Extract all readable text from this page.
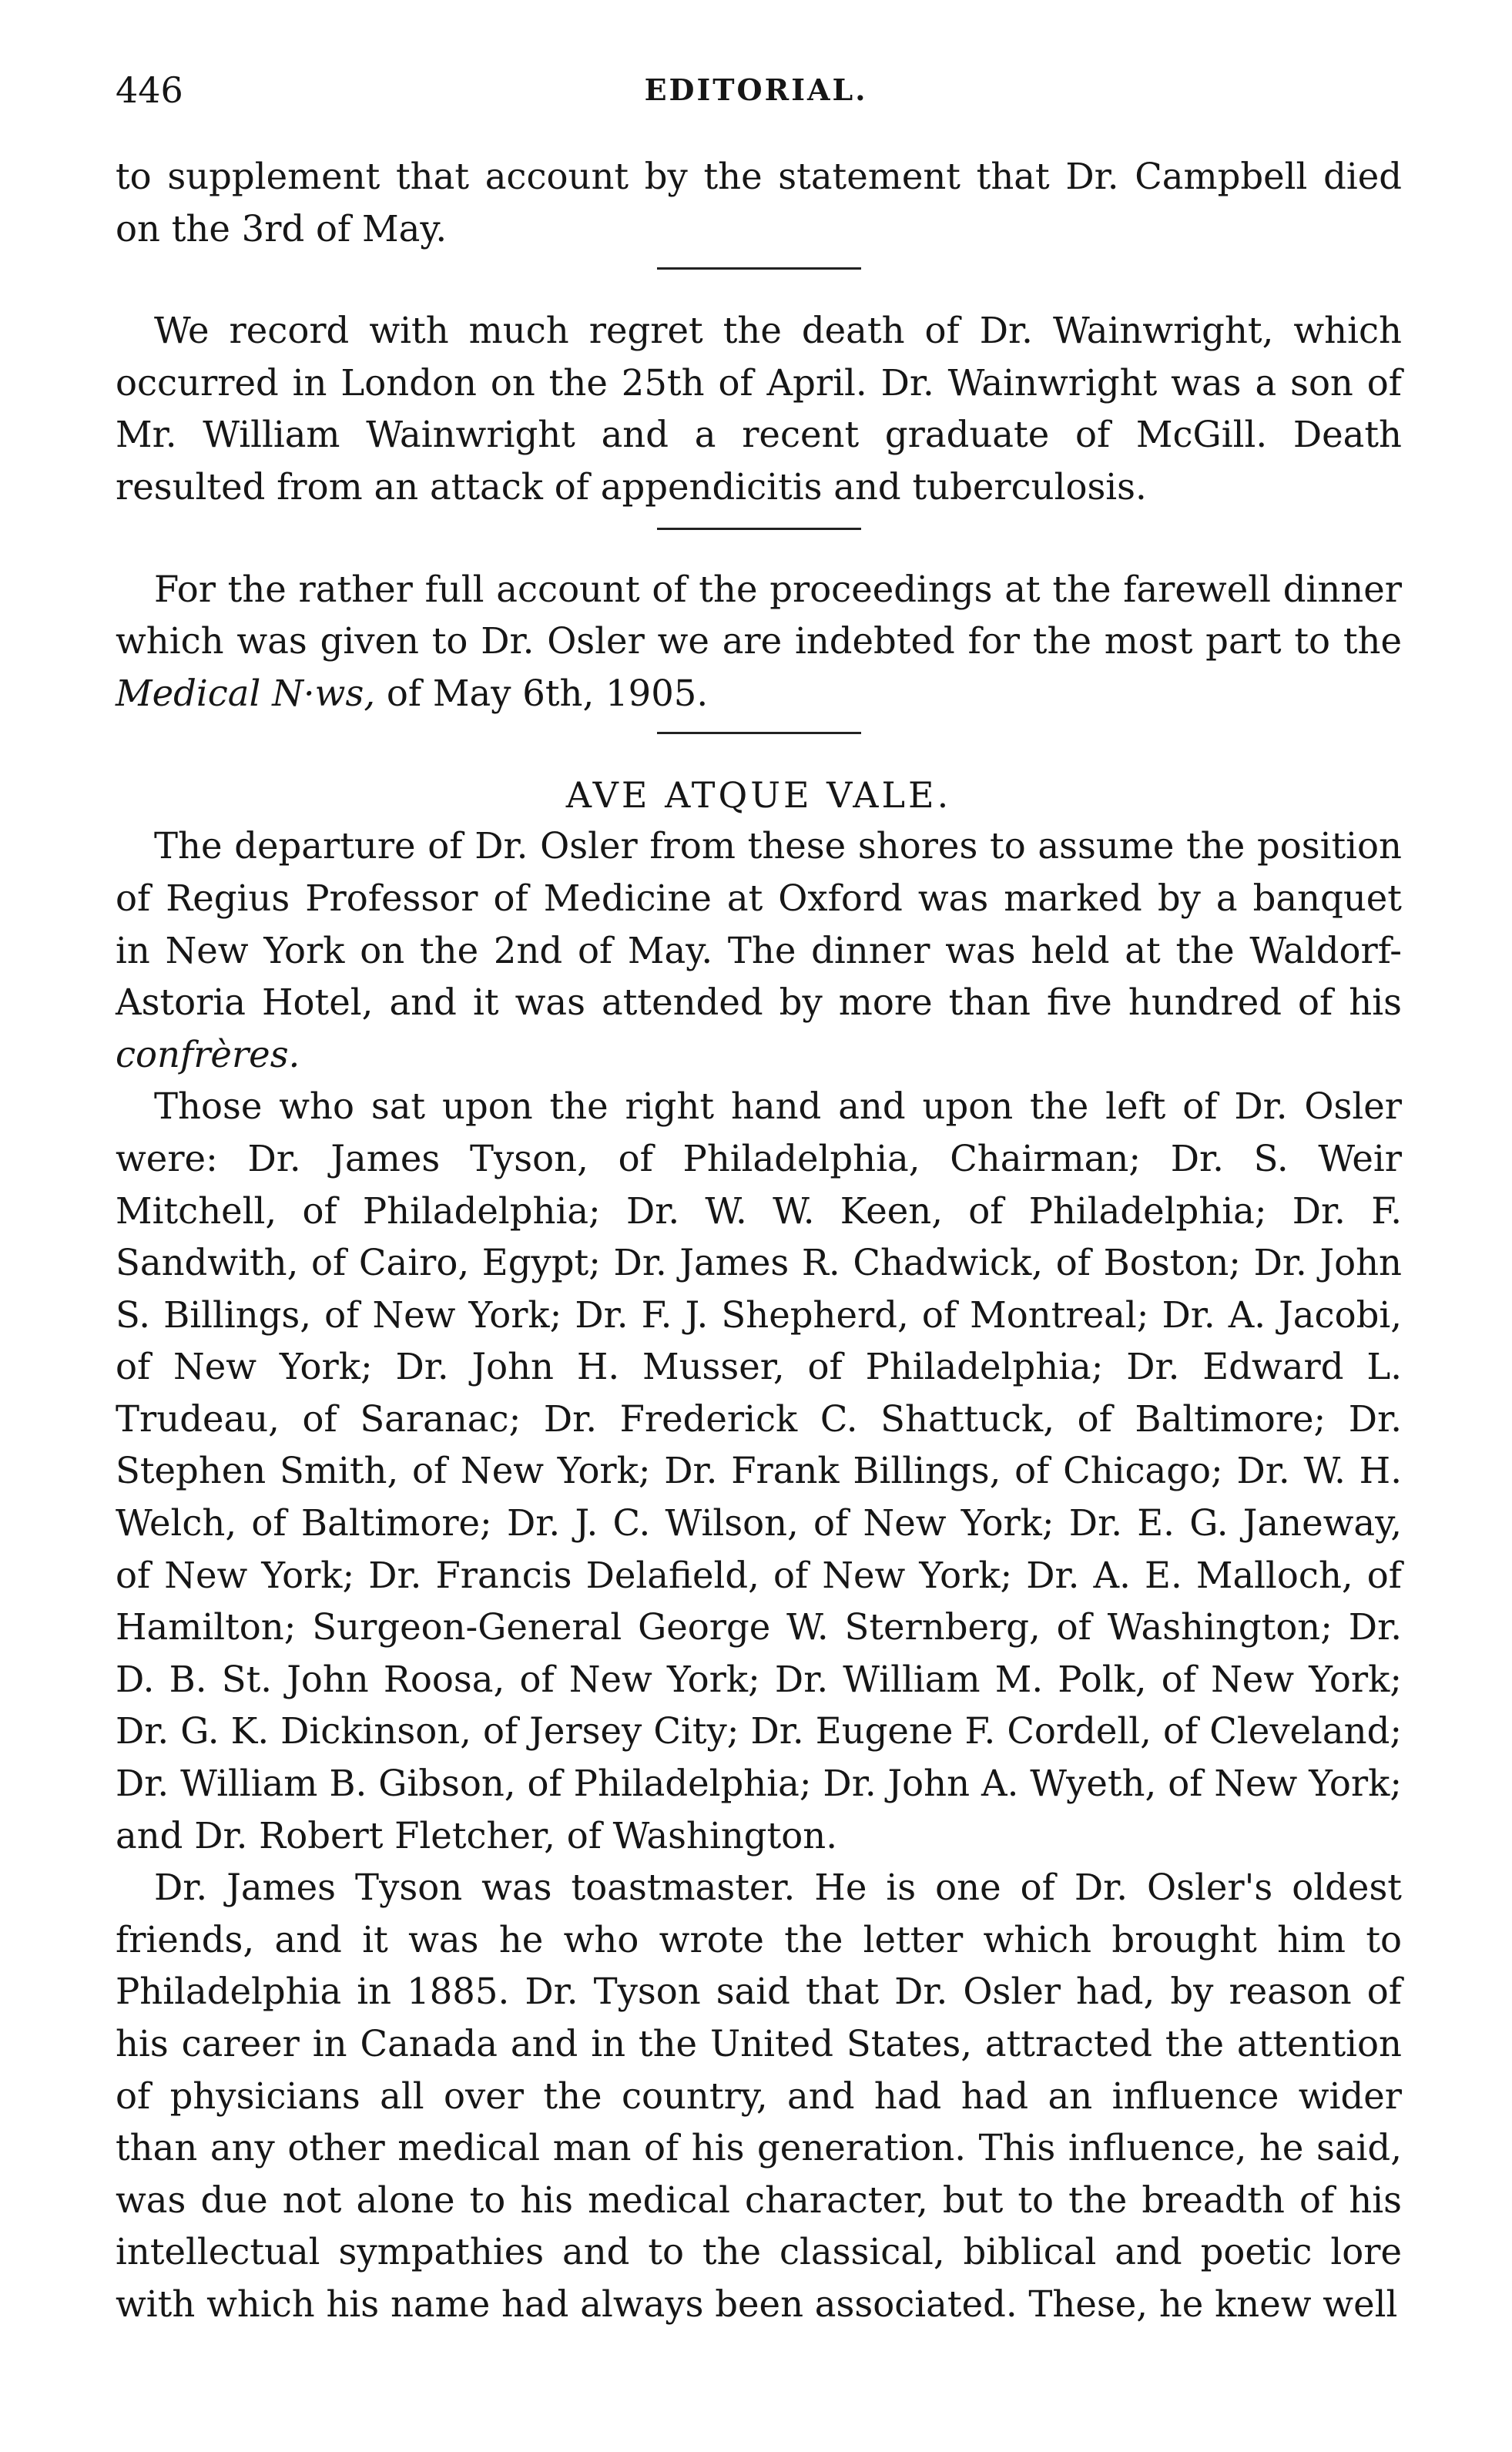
446	EDITORIAL.

to supplement that account by the statement that Dr. Campbell died on the 3rd of May.

We record with much regret the death of Dr. Wainwright, which occurred in London on the 25th of April. Dr. Wainwright was a son of Mr. William Wainwright and a recent graduate of McGill. Death resulted from an attack of appendicitis and tuberculosis.

For the rather full account of the proceedings at the farewell dinner which was given to Dr. Osler we are indebted for the most part to the Medical N·ws, of May 6th, 1905.

AVE ATQUE VALE.

The departure of Dr. Osler from these shores to assume the position of Regius Professor of Medicine at Oxford was marked by a banquet in New York on the 2nd of May. The dinner was held at the Waldorf-Astoria Hotel, and it was attended by more than five hundred of his confrères.

Those who sat upon the right hand and upon the left of Dr. Osler were: Dr. James Tyson, of Philadelphia, Chairman; Dr. S. Weir Mitchell, of Philadelphia; Dr. W. W. Keen, of Philadelphia; Dr. F. Sandwith, of Cairo, Egypt; Dr. James R. Chadwick, of Boston; Dr. John S. Billings, of New York; Dr. F. J. Shepherd, of Montreal; Dr. A. Jacobi, of New York; Dr. John H. Musser, of Philadelphia; Dr. Edward L. Trudeau, of Saranac; Dr. Frederick C. Shattuck, of Baltimore; Dr. Stephen Smith, of New York; Dr. Frank Billings, of Chicago; Dr. W. H. Welch, of Baltimore; Dr. J. C. Wilson, of New York; Dr. E. G. Janeway, of New York; Dr. Francis Delafield, of New York; Dr. A. E. Malloch, of Hamilton; Surgeon-General George W. Sternberg, of Washington; Dr. D. B. St. John Roosa, of New York; Dr. William M. Polk, of New York; Dr. G. K. Dickinson, of Jersey City; Dr. Eugene F. Cordell, of Cleveland; Dr. William B. Gibson, of Philadelphia; Dr. John A. Wyeth, of New York; and Dr. Robert Fletcher, of Washington.

Dr. James Tyson was toastmaster. He is one of Dr. Osler's oldest friends, and it was he who wrote the letter which brought him to Philadelphia in 1885. Dr. Tyson said that Dr. Osler had, by reason of his career in Canada and in the United States, attracted the attention of physicians all over the country, and had had an influence wider than any other medical man of his generation. This influence, he said, was due not alone to his medical character, but to the breadth of his intellectual sympathies and to the classical, biblical and poetic lore with which his name had always been associated. These, he knew well
